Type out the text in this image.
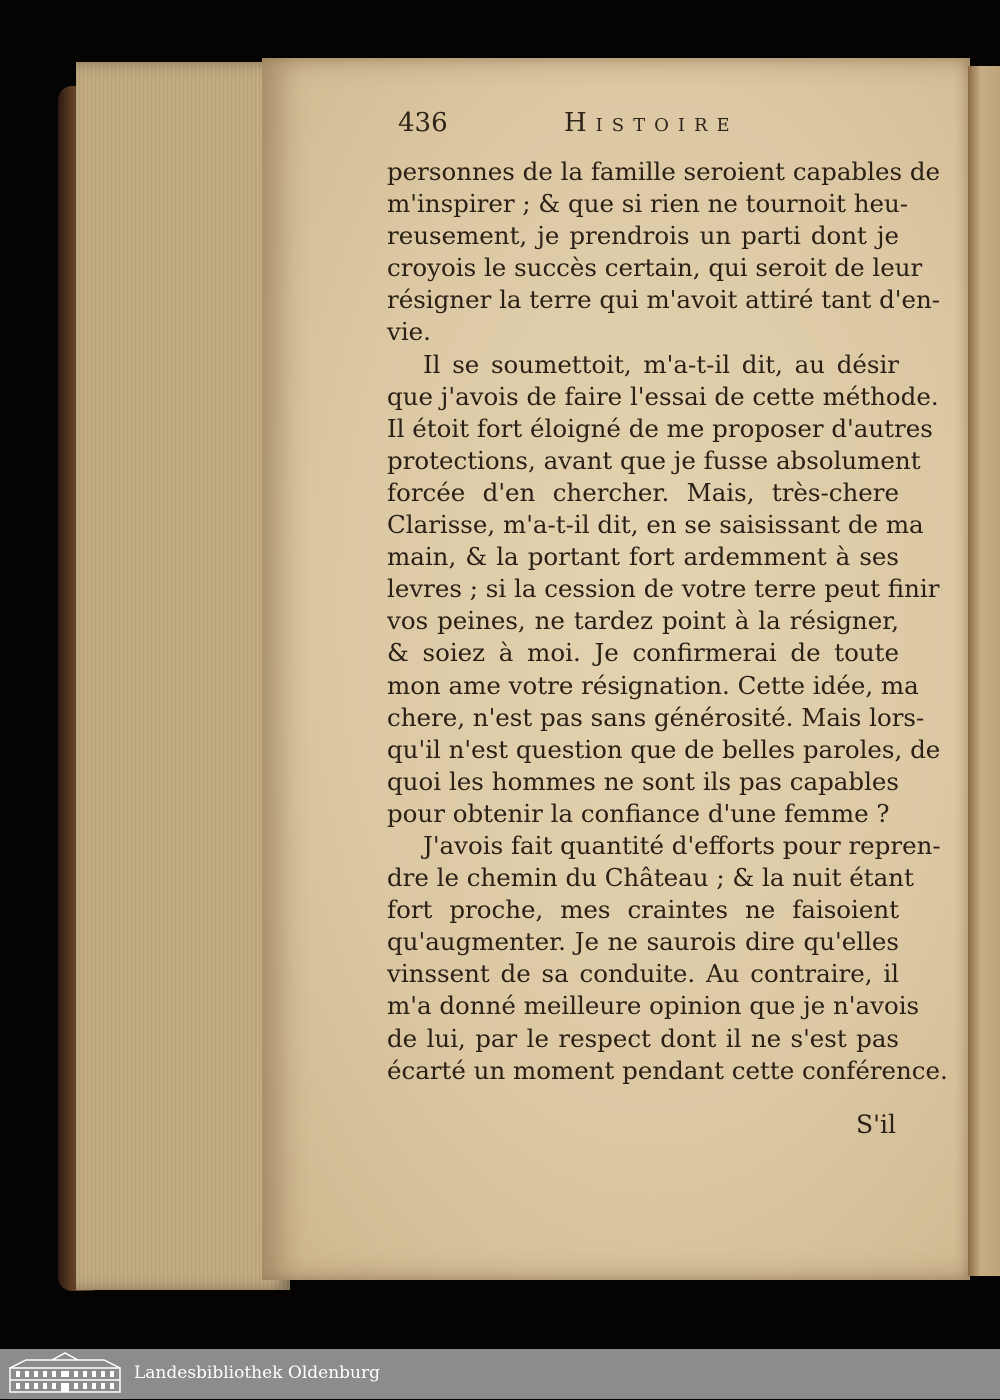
436	Histoire
personnes de la famille seroient capables de
m'inspirer ; & que si rien ne tournoit heu-
reusement, je prendrois un parti dont je
croyois le succès certain, qui seroit de leur
résigner la terre qui m'avoit attiré tant d'en-
vie.
Il se soumettoit, m'a-t-il dit, au désir
que j'avois de faire l'essai de cette méthode.
Il étoit fort éloigné de me proposer d'autres
protections, avant que je fusse absolument
forcée d'en chercher. Mais, très-chere
Clarisse, m'a-t-il dit, en se saisissant de ma
main, & la portant fort ardemment à ses
levres ; si la cession de votre terre peut finir
vos peines, ne tardez point à la résigner,
& soiez à moi. Je confirmerai de toute
mon ame votre résignation. Cette idée, ma
chere, n'est pas sans générosité. Mais lors-
qu'il n'est question que de belles paroles, de
quoi les hommes ne sont ils pas capables
pour obtenir la confiance d'une femme ?
J'avois fait quantité d'efforts pour repren-
dre le chemin du Château ; & la nuit étant
fort proche, mes craintes ne faisoient
qu'augmenter. Je ne saurois dire qu'elles
vinssent de sa conduite. Au contraire, il
m'a donné meilleure opinion que je n'avois
de lui, par le respect dont il ne s'est pas
écarté un moment pendant cette conférence.
S'il
Landesbibliothek Oldenburg
